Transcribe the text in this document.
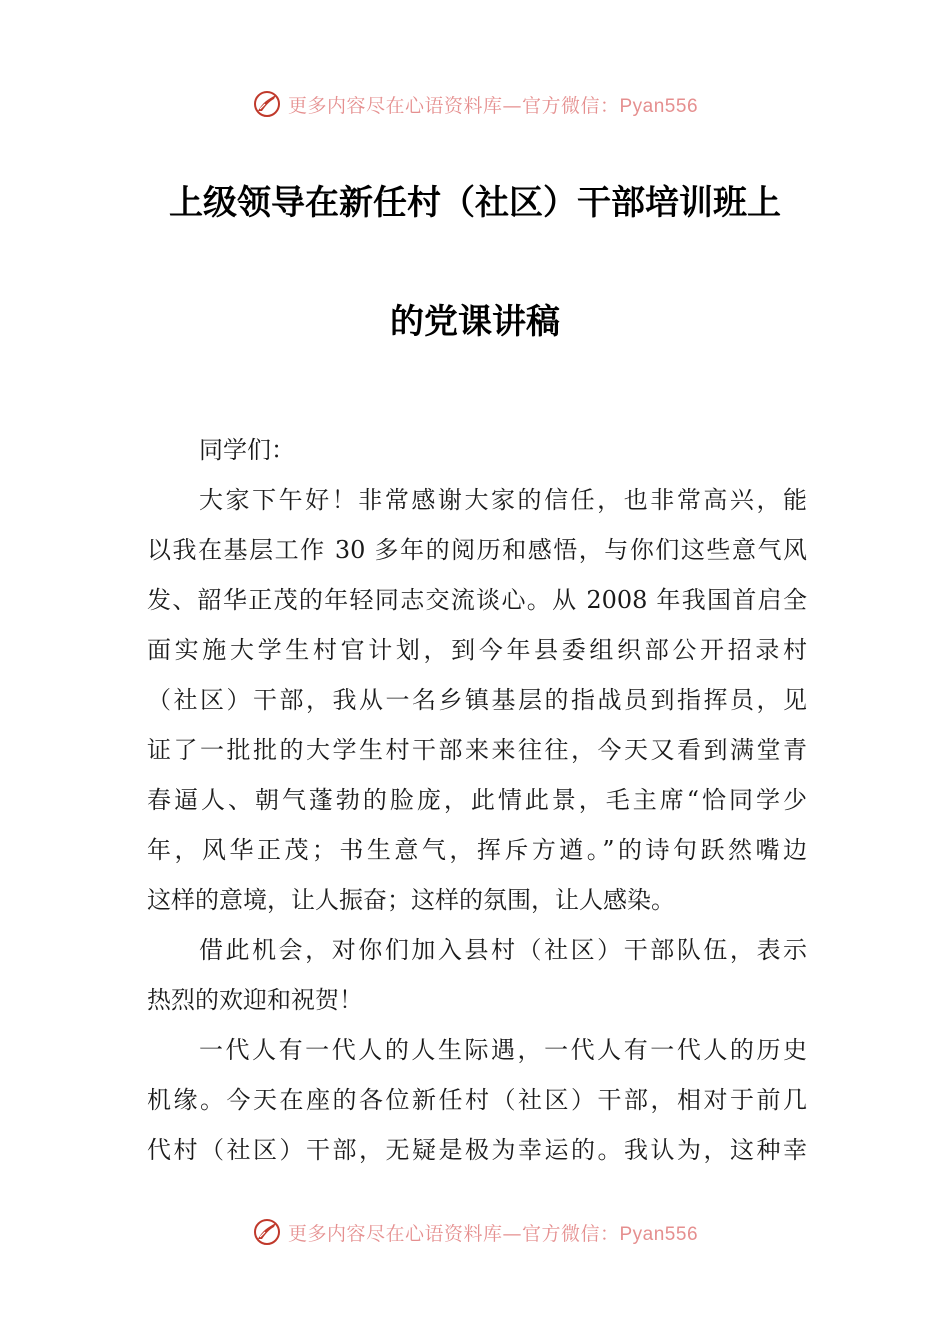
更多内容尽在心语资料库—官方微信：Pyan556
上级领导在新任村（社区）干部培训班上
的党课讲稿
同学们：
大家下午好！非常感谢大家的信任，也非常高兴，能
以我在基层工作 30 多年的阅历和感悟，与你们这些意气风
发、韶华正茂的年轻同志交流谈心。从 2008 年我国首启全
面实施大学生村官计划，到今年县委组织部公开招录村
（社区）干部，我从一名乡镇基层的指战员到指挥员，见
证了一批批的大学生村干部来来往往，今天又看到满堂青
春逼人、朝气蓬勃的脸庞，此情此景，毛主席“恰同学少
年，风华正茂；书生意气，挥斥方遒。”的诗句跃然嘴边
这样的意境，让人振奋；这样的氛围，让人感染。
借此机会，对你们加入县村（社区）干部队伍，表示
热烈的欢迎和祝贺！
一代人有一代人的人生际遇，一代人有一代人的历史
机缘。今天在座的各位新任村（社区）干部，相对于前几
代村（社区）干部，无疑是极为幸运的。我认为，这种幸
更多内容尽在心语资料库—官方微信：Pyan556
